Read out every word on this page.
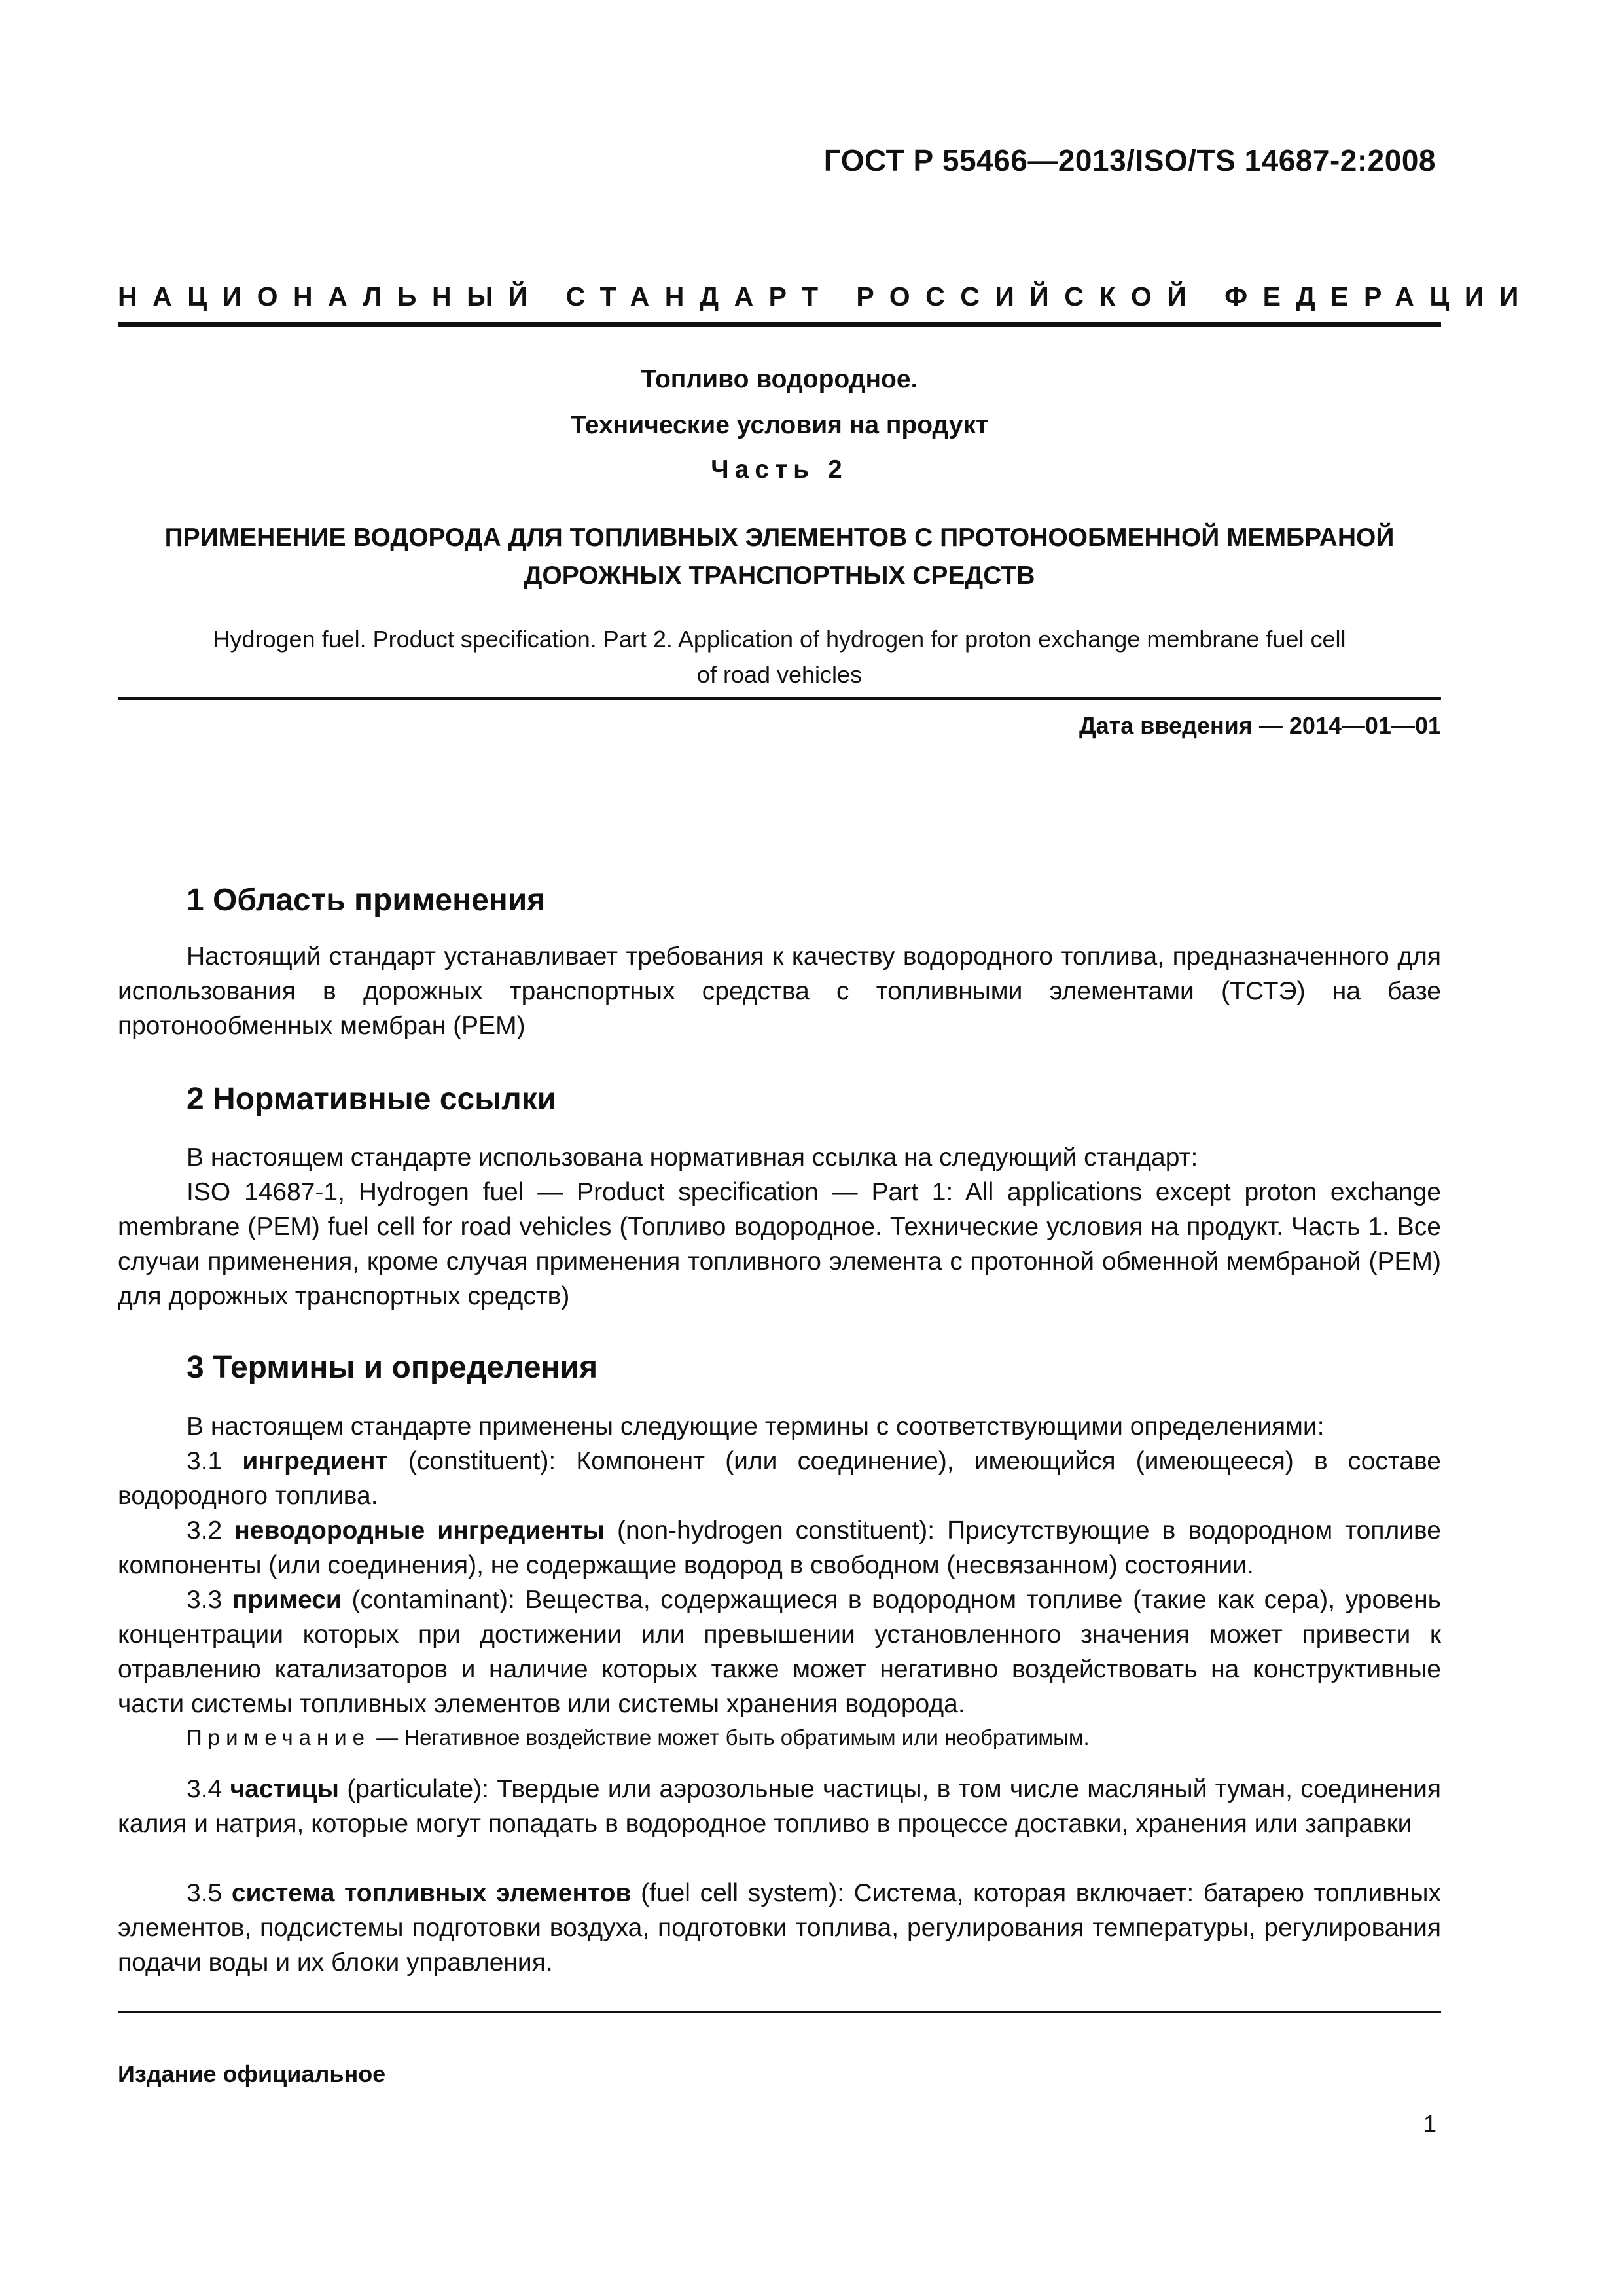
ГОСТ Р 55466—2013/ISO/TS 14687-2:2008
НАЦИОНАЛЬНЫЙ СТАНДАРТ РОССИЙСКОЙ ФЕДЕРАЦИИ
Топливо водородное.
Технические условия на продукт
Часть 2
ПРИМЕНЕНИЕ ВОДОРОДА ДЛЯ ТОПЛИВНЫХ ЭЛЕМЕНТОВ С ПРОТОНООБМЕННОЙ МЕМБРАНОЙ
ДОРОЖНЫХ ТРАНСПОРТНЫХ СРЕДСТВ
Hydrogen fuel. Product specification. Part 2. Application of hydrogen for proton exchange membrane fuel cell
of road vehicles
Дата введения — 2014—01—01
1 Область применения
Настоящий стандарт устанавливает требования к качеству водородного топлива, предназначенного для использования в дорожных транспортных средства с топливными элементами (ТСТЭ) на базе протонообменных мембран (РЕМ)
2 Нормативные ссылки
В настоящем стандарте использована нормативная ссылка на следующий стандарт:
ISO 14687-1, Hydrogen fuel — Product specification — Part 1: All applications except proton exchange membrane (PEM) fuel cell for road vehicles (Топливо водородное. Технические условия на продукт. Часть 1. Все случаи применения, кроме случая применения топливного элемента с протонной обменной мембраной (РЕМ) для дорожных транспортных средств)
3 Термины и определения
В настоящем стандарте применены следующие термины с соответствующими определениями:
3.1 ингредиент (constituent): Компонент (или соединение), имеющийся (имеющееся) в составе водородного топлива.
3.2 неводородные ингредиенты (non-hydrogen constituent): Присутствующие в водородном топливе компоненты (или соединения), не содержащие водород в свободном (несвязанном) состоянии.
3.3 примеси (contaminant): Вещества, содержащиеся в водородном топливе (такие как сера), уровень концентрации которых при достижении или превышении установленного значения может привести к отравлению катализаторов и наличие которых также может негативно воздействовать на конструктивные части системы топливных элементов или системы хранения водорода.
Примечание — Негативное воздействие может быть обратимым или необратимым.
3.4 частицы (particulate): Твердые или аэрозольные частицы, в том числе масляный туман, соединения калия и натрия, которые могут попадать в водородное топливо в процессе доставки, хранения или заправки
3.5 система топливных элементов (fuel cell system): Система, которая включает: батарею топливных элементов, подсистемы подготовки воздуха, подготовки топлива, регулирования температуры, регулирования подачи воды и их блоки управления.
Издание официальное
1
